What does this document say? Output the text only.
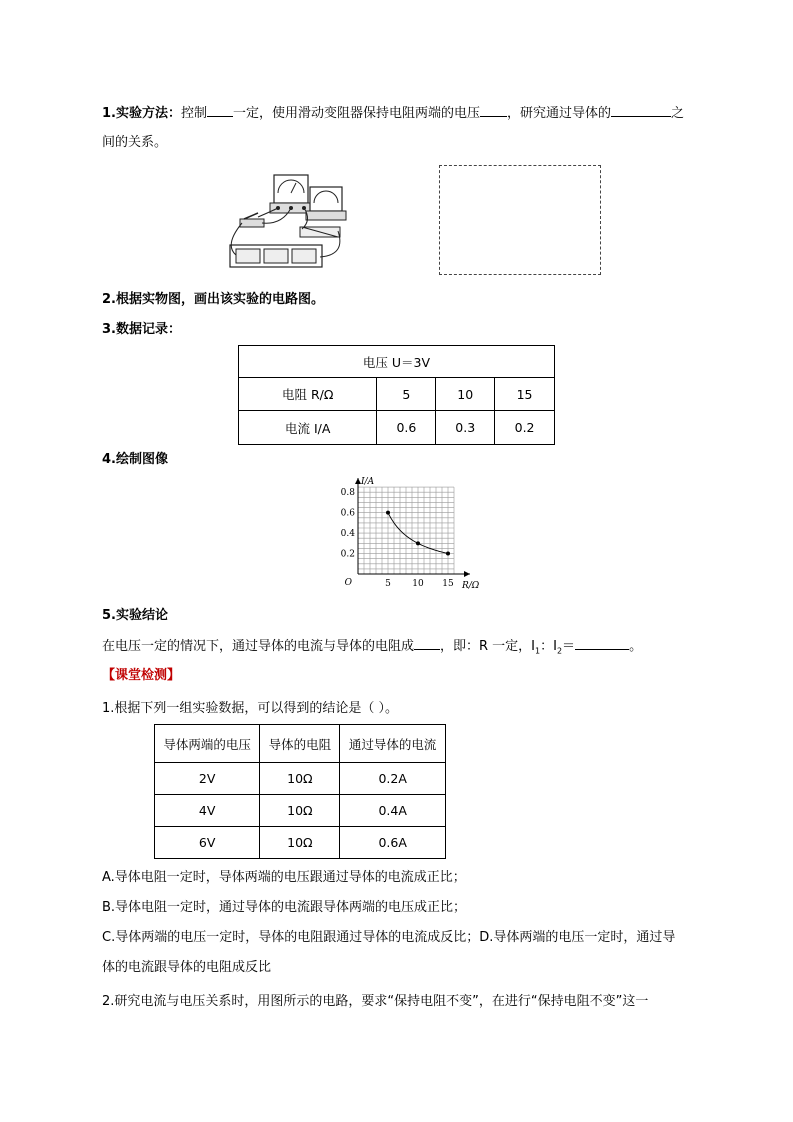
1.实验方法：控制 一定，使用滑动变阻器保持电阻两端的电压 ，研究通过导体的	之
间的关系。
2.根据实物图，画出该实验的电路图。
3.数据记录：
电压 U＝3V			
电阻 R/Ω	5	10	15
电流 I/A	0.6	0.3	0.2
4.绘制图像
5 10 15
0.2
0.4
0.6
0.8
O	R/Ω
I/A
5.实验结论
在电压一定的情况下，通过导体的电流与导体的电阻成 ，即：R 一定，$I_1$：$I_2=$	。
【课堂检测】
1.根据下列一组实验数据，可以得到的结论是（ ）。
导体两端的电压	导体的电阻	通过导体的电流
2V	10Ω	0.2A
4V	10Ω	0.4A
6V	10Ω	0.6A
A.导体电阻一定时，导体两端的电压跟通过导体的电流成正比；
B.导体电阻一定时，通过导体的电流跟导体两端的电压成正比；
C.导体两端的电压一定时，导体的电阻跟通过导体的电流成反比；D.导体两端的电压一定时，通过导
体的电流跟导体的电阻成反比
2.研究电流与电压关系时，用图所示的电路，要求“保持电阻不变”，在进行“保持电阻不变”这一
